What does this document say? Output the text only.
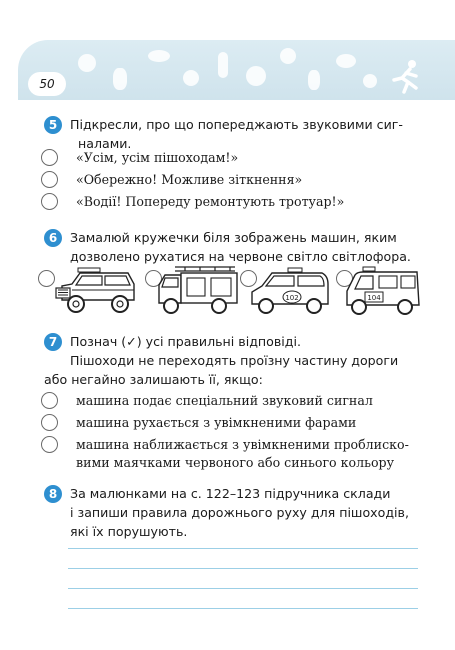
50
5	Підкресли, про що попереджають звуковими сиг-
налами.
«Усім, усім пішоходам!»
«Обережно! Можливе зіткнення»
«Водії! Попереду ремонтують тротуар!»
6	Замалюй кружечки біля зображень машин, яким
дозволено рухатися на червоне світло світлофора.
102	104
7	Познач (✓) усі правильні відповіді.
Пішоходи не переходять проїзну частину дороги
або негайно залишають її, якщо:
машина подає спеціальний звуковий сигнал
машина рухається з увімкненими фарами
машина наближається з увімкненими проблиско-
вими маячками червоного або синього кольору
8	За малюнками на с. 122–123 підручника склади
і запиши правила дорожнього руху для пішоходів,
які їх порушують.
